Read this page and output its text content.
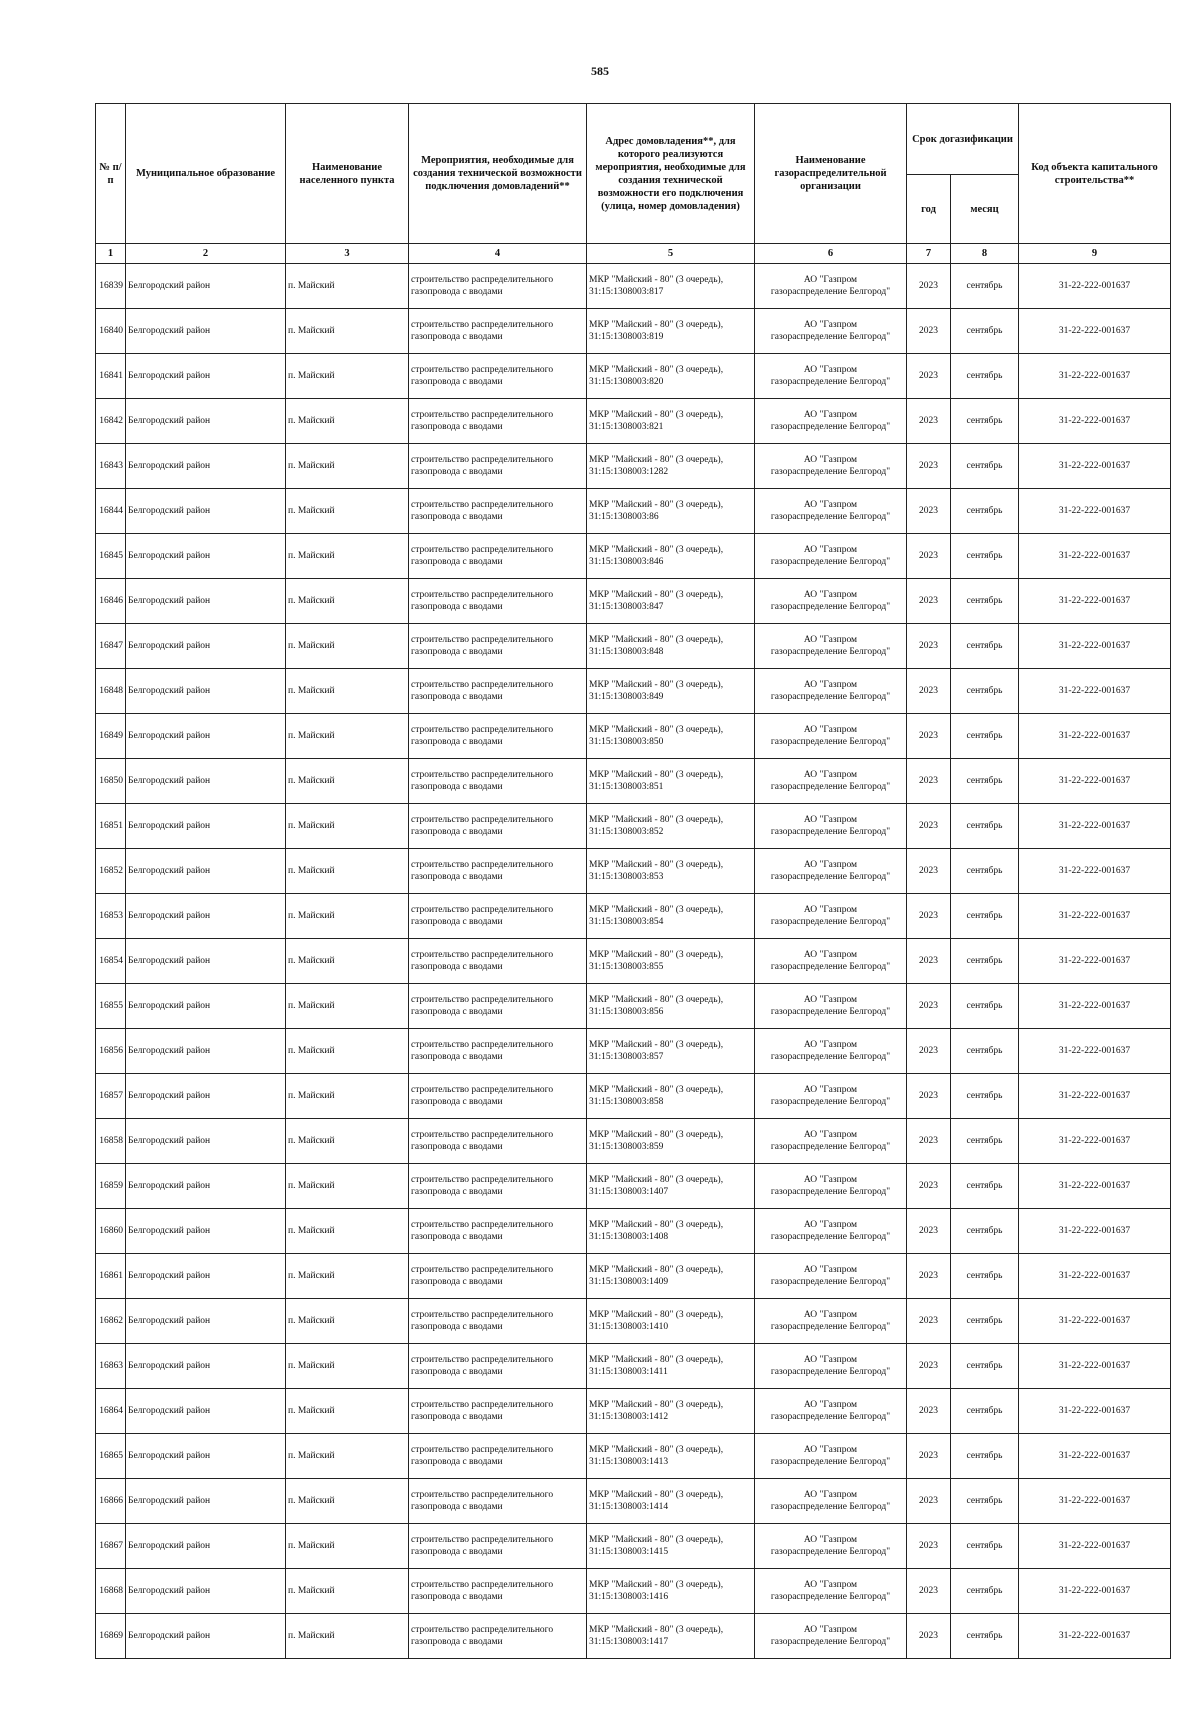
585
№ п/п	Муниципальное образование	Наименование населенного пункта	Мероприятия, необходимые для создания технической возможности подключения домовладений**	Адрес домовладения**, для которого реализуются мероприятия, необходимые для создания технической возможности его подключения (улица, номер домовладения)	Наименование газораспределительной организации	Срок догазификации		Код объекта капитального строительства**
						год	месяц	
1	2	3	4	5	6	7	8	9
16839	Белгородский район	п. Майский	строительство распределительного
газопровода с вводами	МКР "Майский - 80" (3 очередь),
31:15:1308003:817	АО "Газпром
газораспределение Белгород"	2023	сентябрь	31-22-222-001637
16840	Белгородский район	п. Майский	строительство распределительного
газопровода с вводами	МКР "Майский - 80" (3 очередь),
31:15:1308003:819	АО "Газпром
газораспределение Белгород"	2023	сентябрь	31-22-222-001637
16841	Белгородский район	п. Майский	строительство распределительного
газопровода с вводами	МКР "Майский - 80" (3 очередь),
31:15:1308003:820	АО "Газпром
газораспределение Белгород"	2023	сентябрь	31-22-222-001637
16842	Белгородский район	п. Майский	строительство распределительного
газопровода с вводами	МКР "Майский - 80" (3 очередь),
31:15:1308003:821	АО "Газпром
газораспределение Белгород"	2023	сентябрь	31-22-222-001637
16843	Белгородский район	п. Майский	строительство распределительного
газопровода с вводами	МКР "Майский - 80" (3 очередь),
31:15:1308003:1282	АО "Газпром
газораспределение Белгород"	2023	сентябрь	31-22-222-001637
16844	Белгородский район	п. Майский	строительство распределительного
газопровода с вводами	МКР "Майский - 80" (3 очередь),
31:15:1308003:86	АО "Газпром
газораспределение Белгород"	2023	сентябрь	31-22-222-001637
16845	Белгородский район	п. Майский	строительство распределительного
газопровода с вводами	МКР "Майский - 80" (3 очередь),
31:15:1308003:846	АО "Газпром
газораспределение Белгород"	2023	сентябрь	31-22-222-001637
16846	Белгородский район	п. Майский	строительство распределительного
газопровода с вводами	МКР "Майский - 80" (3 очередь),
31:15:1308003:847	АО "Газпром
газораспределение Белгород"	2023	сентябрь	31-22-222-001637
16847	Белгородский район	п. Майский	строительство распределительного
газопровода с вводами	МКР "Майский - 80" (3 очередь),
31:15:1308003:848	АО "Газпром
газораспределение Белгород"	2023	сентябрь	31-22-222-001637
16848	Белгородский район	п. Майский	строительство распределительного
газопровода с вводами	МКР "Майский - 80" (3 очередь),
31:15:1308003:849	АО "Газпром
газораспределение Белгород"	2023	сентябрь	31-22-222-001637
16849	Белгородский район	п. Майский	строительство распределительного
газопровода с вводами	МКР "Майский - 80" (3 очередь),
31:15:1308003:850	АО "Газпром
газораспределение Белгород"	2023	сентябрь	31-22-222-001637
16850	Белгородский район	п. Майский	строительство распределительного
газопровода с вводами	МКР "Майский - 80" (3 очередь),
31:15:1308003:851	АО "Газпром
газораспределение Белгород"	2023	сентябрь	31-22-222-001637
16851	Белгородский район	п. Майский	строительство распределительного
газопровода с вводами	МКР "Майский - 80" (3 очередь),
31:15:1308003:852	АО "Газпром
газораспределение Белгород"	2023	сентябрь	31-22-222-001637
16852	Белгородский район	п. Майский	строительство распределительного
газопровода с вводами	МКР "Майский - 80" (3 очередь),
31:15:1308003:853	АО "Газпром
газораспределение Белгород"	2023	сентябрь	31-22-222-001637
16853	Белгородский район	п. Майский	строительство распределительного
газопровода с вводами	МКР "Майский - 80" (3 очередь),
31:15:1308003:854	АО "Газпром
газораспределение Белгород"	2023	сентябрь	31-22-222-001637
16854	Белгородский район	п. Майский	строительство распределительного
газопровода с вводами	МКР "Майский - 80" (3 очередь),
31:15:1308003:855	АО "Газпром
газораспределение Белгород"	2023	сентябрь	31-22-222-001637
16855	Белгородский район	п. Майский	строительство распределительного
газопровода с вводами	МКР "Майский - 80" (3 очередь),
31:15:1308003:856	АО "Газпром
газораспределение Белгород"	2023	сентябрь	31-22-222-001637
16856	Белгородский район	п. Майский	строительство распределительного
газопровода с вводами	МКР "Майский - 80" (3 очередь),
31:15:1308003:857	АО "Газпром
газораспределение Белгород"	2023	сентябрь	31-22-222-001637
16857	Белгородский район	п. Майский	строительство распределительного
газопровода с вводами	МКР "Майский - 80" (3 очередь),
31:15:1308003:858	АО "Газпром
газораспределение Белгород"	2023	сентябрь	31-22-222-001637
16858	Белгородский район	п. Майский	строительство распределительного
газопровода с вводами	МКР "Майский - 80" (3 очередь),
31:15:1308003:859	АО "Газпром
газораспределение Белгород"	2023	сентябрь	31-22-222-001637
16859	Белгородский район	п. Майский	строительство распределительного
газопровода с вводами	МКР "Майский - 80" (3 очередь),
31:15:1308003:1407	АО "Газпром
газораспределение Белгород"	2023	сентябрь	31-22-222-001637
16860	Белгородский район	п. Майский	строительство распределительного
газопровода с вводами	МКР "Майский - 80" (3 очередь),
31:15:1308003:1408	АО "Газпром
газораспределение Белгород"	2023	сентябрь	31-22-222-001637
16861	Белгородский район	п. Майский	строительство распределительного
газопровода с вводами	МКР "Майский - 80" (3 очередь),
31:15:1308003:1409	АО "Газпром
газораспределение Белгород"	2023	сентябрь	31-22-222-001637
16862	Белгородский район	п. Майский	строительство распределительного
газопровода с вводами	МКР "Майский - 80" (3 очередь),
31:15:1308003:1410	АО "Газпром
газораспределение Белгород"	2023	сентябрь	31-22-222-001637
16863	Белгородский район	п. Майский	строительство распределительного
газопровода с вводами	МКР "Майский - 80" (3 очередь),
31:15:1308003:1411	АО "Газпром
газораспределение Белгород"	2023	сентябрь	31-22-222-001637
16864	Белгородский район	п. Майский	строительство распределительного
газопровода с вводами	МКР "Майский - 80" (3 очередь),
31:15:1308003:1412	АО "Газпром
газораспределение Белгород"	2023	сентябрь	31-22-222-001637
16865	Белгородский район	п. Майский	строительство распределительного
газопровода с вводами	МКР "Майский - 80" (3 очередь),
31:15:1308003:1413	АО "Газпром
газораспределение Белгород"	2023	сентябрь	31-22-222-001637
16866	Белгородский район	п. Майский	строительство распределительного
газопровода с вводами	МКР "Майский - 80" (3 очередь),
31:15:1308003:1414	АО "Газпром
газораспределение Белгород"	2023	сентябрь	31-22-222-001637
16867	Белгородский район	п. Майский	строительство распределительного
газопровода с вводами	МКР "Майский - 80" (3 очередь),
31:15:1308003:1415	АО "Газпром
газораспределение Белгород"	2023	сентябрь	31-22-222-001637
16868	Белгородский район	п. Майский	строительство распределительного
газопровода с вводами	МКР "Майский - 80" (3 очередь),
31:15:1308003:1416	АО "Газпром
газораспределение Белгород"	2023	сентябрь	31-22-222-001637
16869	Белгородский район	п. Майский	строительство распределительного
газопровода с вводами	МКР "Майский - 80" (3 очередь),
31:15:1308003:1417	АО "Газпром
газораспределение Белгород"	2023	сентябрь	31-22-222-001637
